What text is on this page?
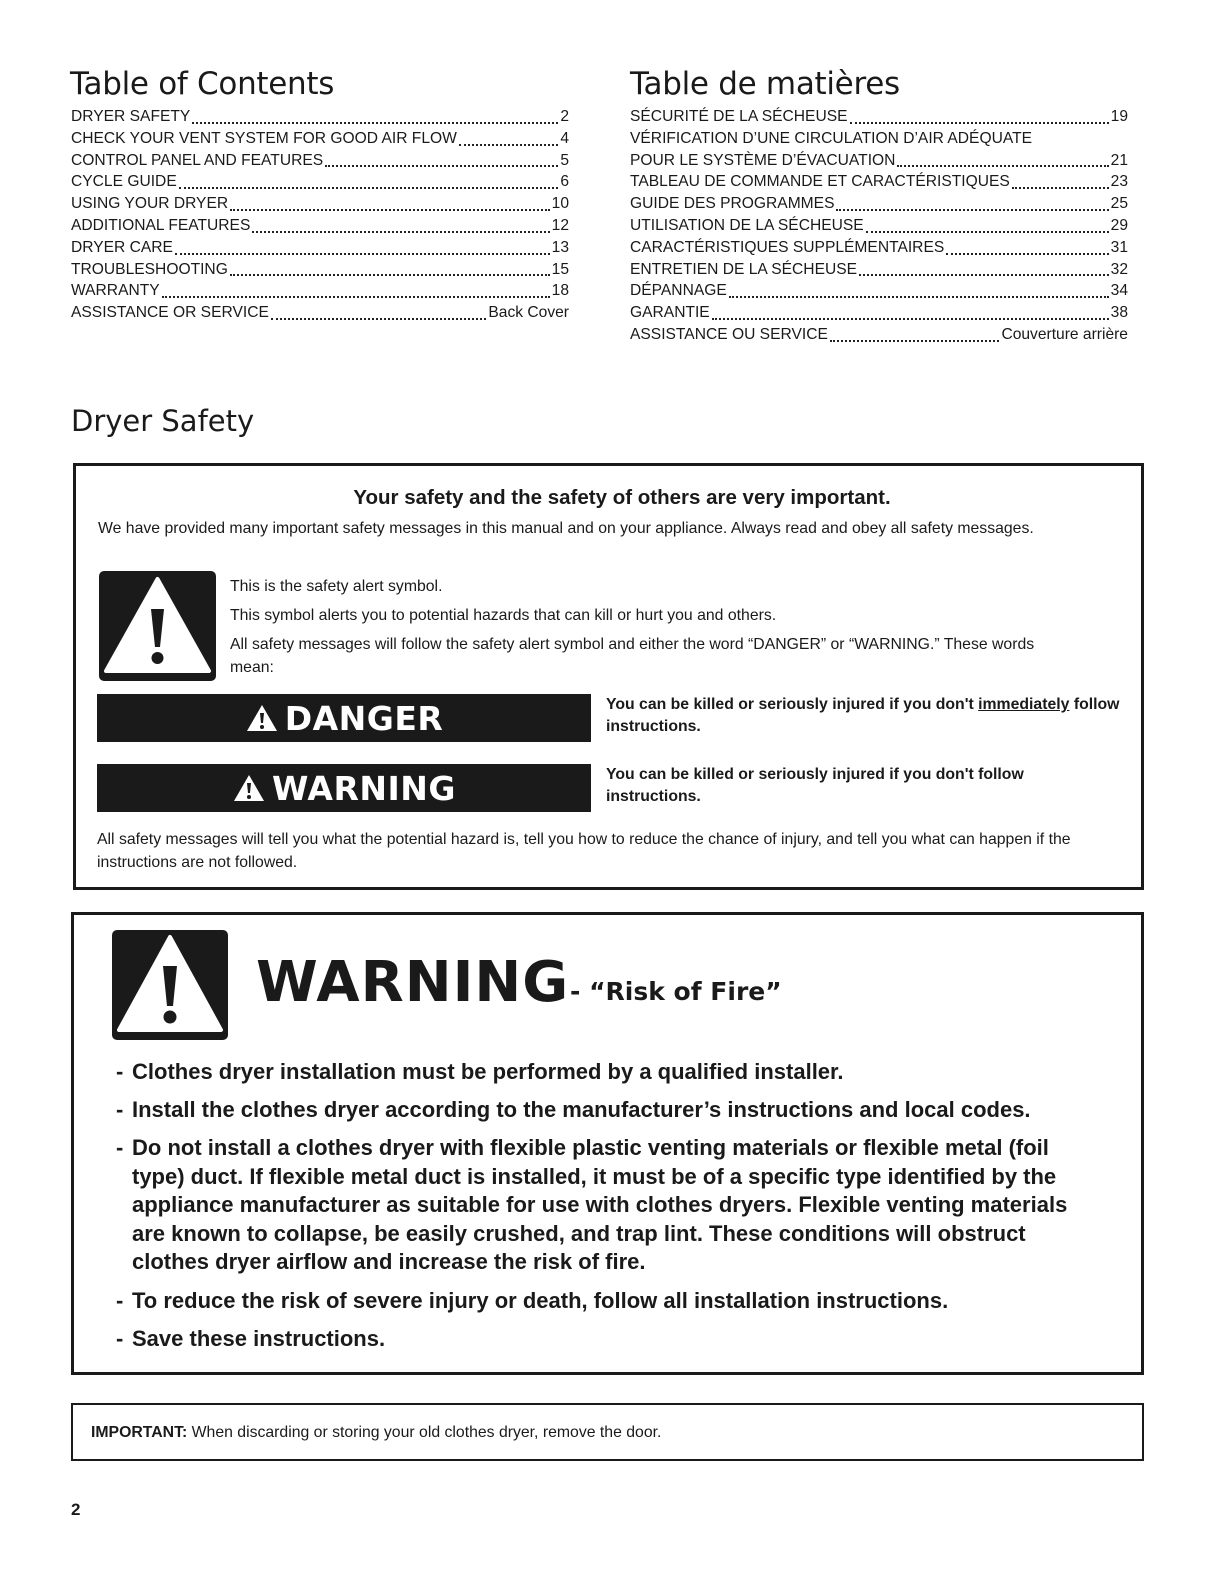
Table of Contents
DRYER SAFETY	2
CHECK YOUR VENT SYSTEM FOR GOOD AIR FLOW	4
CONTROL PANEL AND FEATURES	5
CYCLE GUIDE	6
USING YOUR DRYER	10
ADDITIONAL FEATURES	12
DRYER CARE	13
TROUBLESHOOTING	15
WARRANTY	18
ASSISTANCE OR SERVICE	Back Cover
Table de matières
SÉCURITÉ DE LA SÉCHEUSE	19
VÉRIFICATION D’UNE CIRCULATION D’AIR ADÉQUATE
POUR LE SYSTÈME D’ÉVACUATION	21
TABLEAU DE COMMANDE ET CARACTÉRISTIQUES	23
GUIDE DES PROGRAMMES	25
UTILISATION DE LA SÉCHEUSE	29
CARACTÉRISTIQUES SUPPLÉMENTAIRES	31
ENTRETIEN DE LA SÉCHEUSE	32
DÉPANNAGE	34
GARANTIE	38
ASSISTANCE OU SERVICE	Couverture arrière
Dryer Safety
Your safety and the safety of others are very important.
We have provided many important safety messages in this manual and on your appliance. Always read and obey all safety messages.
This is the safety alert symbol.
This symbol alerts you to potential hazards that can kill or hurt you and others.
All safety messages will follow the safety alert symbol and either the word “DANGER” or “WARNING.” These words mean:
DANGER	You can be killed or seriously injured if you don't immediately follow instructions.
WARNING	You can be killed or seriously injured if you don't follow instructions.
All safety messages will tell you what the potential hazard is, tell you how to reduce the chance of injury, and tell you what can happen if the instructions are not followed.
WARNING - “Risk of Fire”
- Clothes dryer installation must be performed by a qualified installer.
- Install the clothes dryer according to the manufacturer’s instructions and local codes.
- Do not install a clothes dryer with flexible plastic venting materials or flexible metal (foil type) duct. If flexible metal duct is installed, it must be of a specific type identified by the appliance manufacturer as suitable for use with clothes dryers. Flexible venting materials are known to collapse, be easily crushed, and trap lint. These conditions will obstruct clothes dryer airflow and increase the risk of fire.
- To reduce the risk of severe injury or death, follow all installation instructions.
- Save these instructions.
IMPORTANT: When discarding or storing your old clothes dryer, remove the door.
2
